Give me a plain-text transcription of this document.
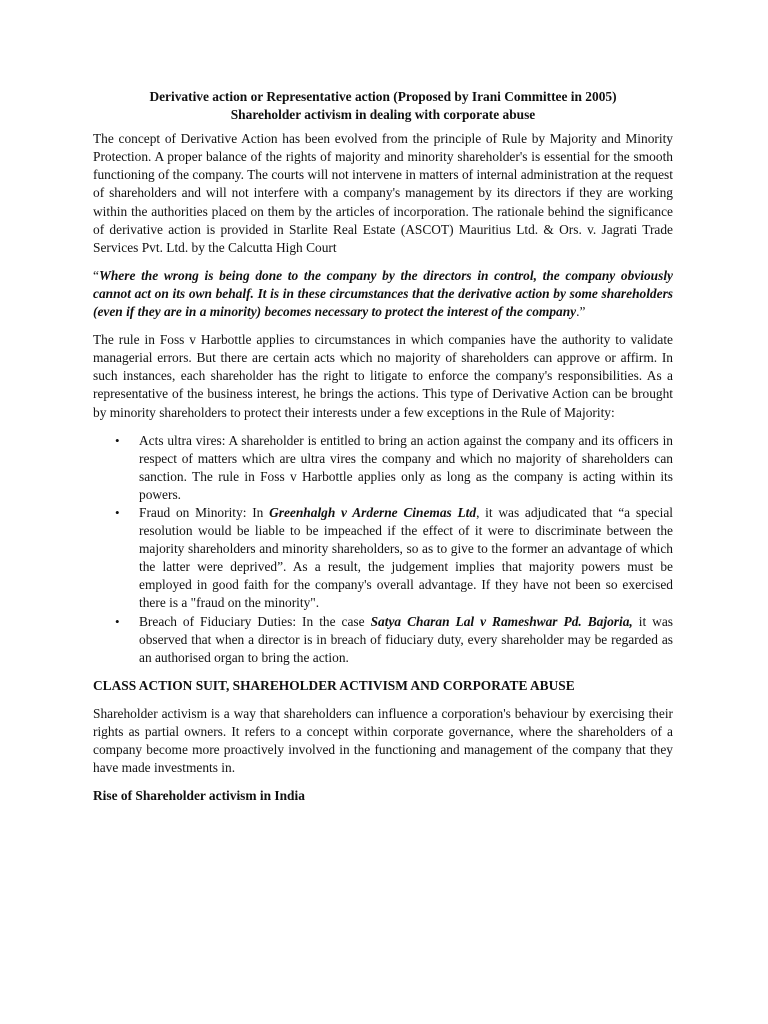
Derivative action or Representative action (Proposed by Irani Committee in 2005)
Shareholder activism in dealing with corporate abuse

The concept of Derivative Action has been evolved from the principle of Rule by Majority and Minority Protection. A proper balance of the rights of majority and minority shareholder's is essential for the smooth functioning of the company. The courts will not intervene in matters of internal administration at the request of shareholders and will not interfere with a company's management by its directors if they are working within the authorities placed on them by the articles of incorporation. The rationale behind the significance of derivative action is provided in Starlite Real Estate (ASCOT) Mauritius Ltd. & Ors. v. Jagrati Trade Services Pvt. Ltd. by the Calcutta High Court

“Where the wrong is being done to the company by the directors in control, the company obviously cannot act on its own behalf. It is in these circumstances that the derivative action by some shareholders (even if they are in a minority) becomes necessary to protect the interest of the company.”

The rule in Foss v Harbottle applies to circumstances in which companies have the authority to validate managerial errors. But there are certain acts which no majority of shareholders can approve or affirm. In such instances, each shareholder has the right to litigate to enforce the company's responsibilities. As a representative of the business interest, he brings the actions. This type of Derivative Action can be brought by minority shareholders to protect their interests under a few exceptions in the Rule of Majority:

• Acts ultra vires: A shareholder is entitled to bring an action against the company and its officers in respect of matters which are ultra vires the company and which no majority of shareholders can sanction. The rule in Foss v Harbottle applies only as long as the company is acting within its powers.
• Fraud on Minority: In Greenhalgh v Arderne Cinemas Ltd, it was adjudicated that “a special resolution would be liable to be impeached if the effect of it were to discriminate between the majority shareholders and minority shareholders, so as to give to the former an advantage of which the latter were deprived”. As a result, the judgement implies that majority powers must be employed in good faith for the company's overall advantage. If they have not been so exercised there is a "fraud on the minority".
• Breach of Fiduciary Duties: In the case Satya Charan Lal v Rameshwar Pd. Bajoria, it was observed that when a director is in breach of fiduciary duty, every shareholder may be regarded as an authorised organ to bring the action.
CLASS ACTION SUIT, SHAREHOLDER ACTIVISM AND CORPORATE ABUSE

Shareholder activism is a way that shareholders can influence a corporation's behaviour by exercising their rights as partial owners. It refers to a concept within corporate governance, where the shareholders of a company become more proactively involved in the functioning and management of the company that they have made investments in.

Rise of Shareholder activism in India
